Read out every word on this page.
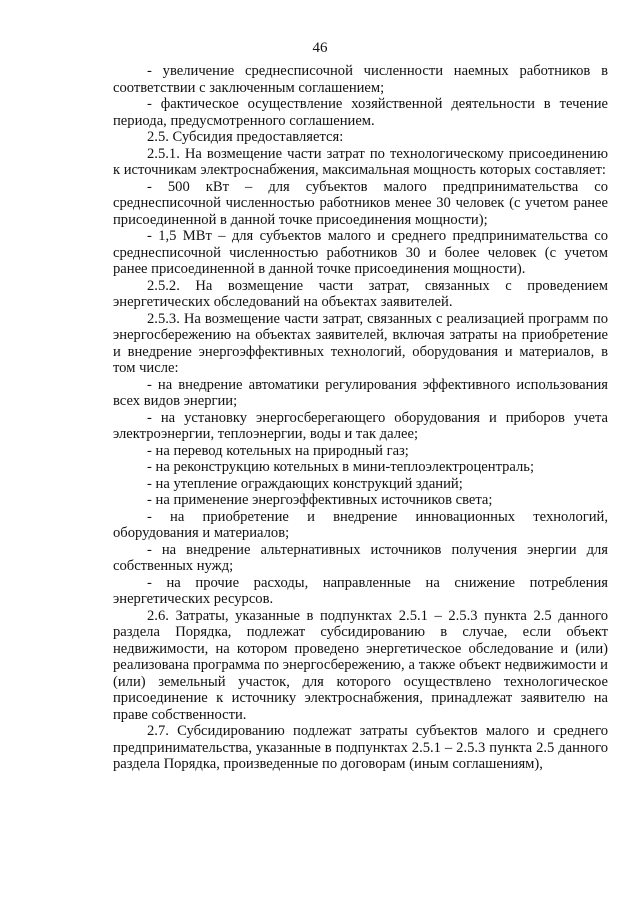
46

- увеличение среднесписочной численности наемных работников в соответствии с заключенным соглашением;

- фактическое осуществление хозяйственной деятельности в течение периода, предусмотренного соглашением.

2.5. Субсидия предоставляется:

2.5.1. На возмещение части затрат по технологическому присоединению к источникам электроснабжения, максимальная мощность которых составляет:

- 500 кВт – для субъектов малого предпринимательства со среднесписочной численностью работников менее 30 человек (с учетом ранее присоединенной в данной точке присоединения мощности);

- 1,5 МВт – для субъектов малого и среднего предпринимательства со среднесписочной численностью работников 30 и более человек (с учетом ранее присоединенной в данной точке присоединения мощности).

2.5.2. На возмещение части затрат, связанных с проведением энергетических обследований на объектах заявителей.

2.5.3. На возмещение части затрат, связанных с реализацией программ по энергосбережению на объектах заявителей, включая затраты на приобретение и внедрение энергоэффективных технологий, оборудования и материалов, в том числе:

- на внедрение автоматики регулирования эффективного использования всех видов энергии;

- на установку энергосберегающего оборудования и приборов учета электроэнергии, теплоэнергии, воды и так далее;

- на перевод котельных на природный газ;

- на реконструкцию котельных в мини-теплоэлектроцентраль;

- на утепление ограждающих конструкций зданий;

- на применение энергоэффективных источников света;

- на приобретение и внедрение инновационных технологий, оборудования и материалов;

- на внедрение альтернативных источников получения энергии для собственных нужд;

- на прочие расходы, направленные на снижение потребления энергетических ресурсов.

2.6. Затраты, указанные в подпунктах 2.5.1 – 2.5.3 пункта 2.5 данного раздела Порядка, подлежат субсидированию в случае, если объект недвижимости, на котором проведено энергетическое обследование и (или) реализована программа по энергосбережению, а также объект недвижимости и (или) земельный участок, для которого осуществлено технологическое присоединение к источнику электроснабжения, принадлежат заявителю на праве собственности.

2.7. Субсидированию подлежат затраты субъектов малого и среднего предпринимательства, указанные в подпунктах 2.5.1 – 2.5.3 пункта 2.5 данного раздела Порядка, произведенные по договорам (иным соглашениям),
